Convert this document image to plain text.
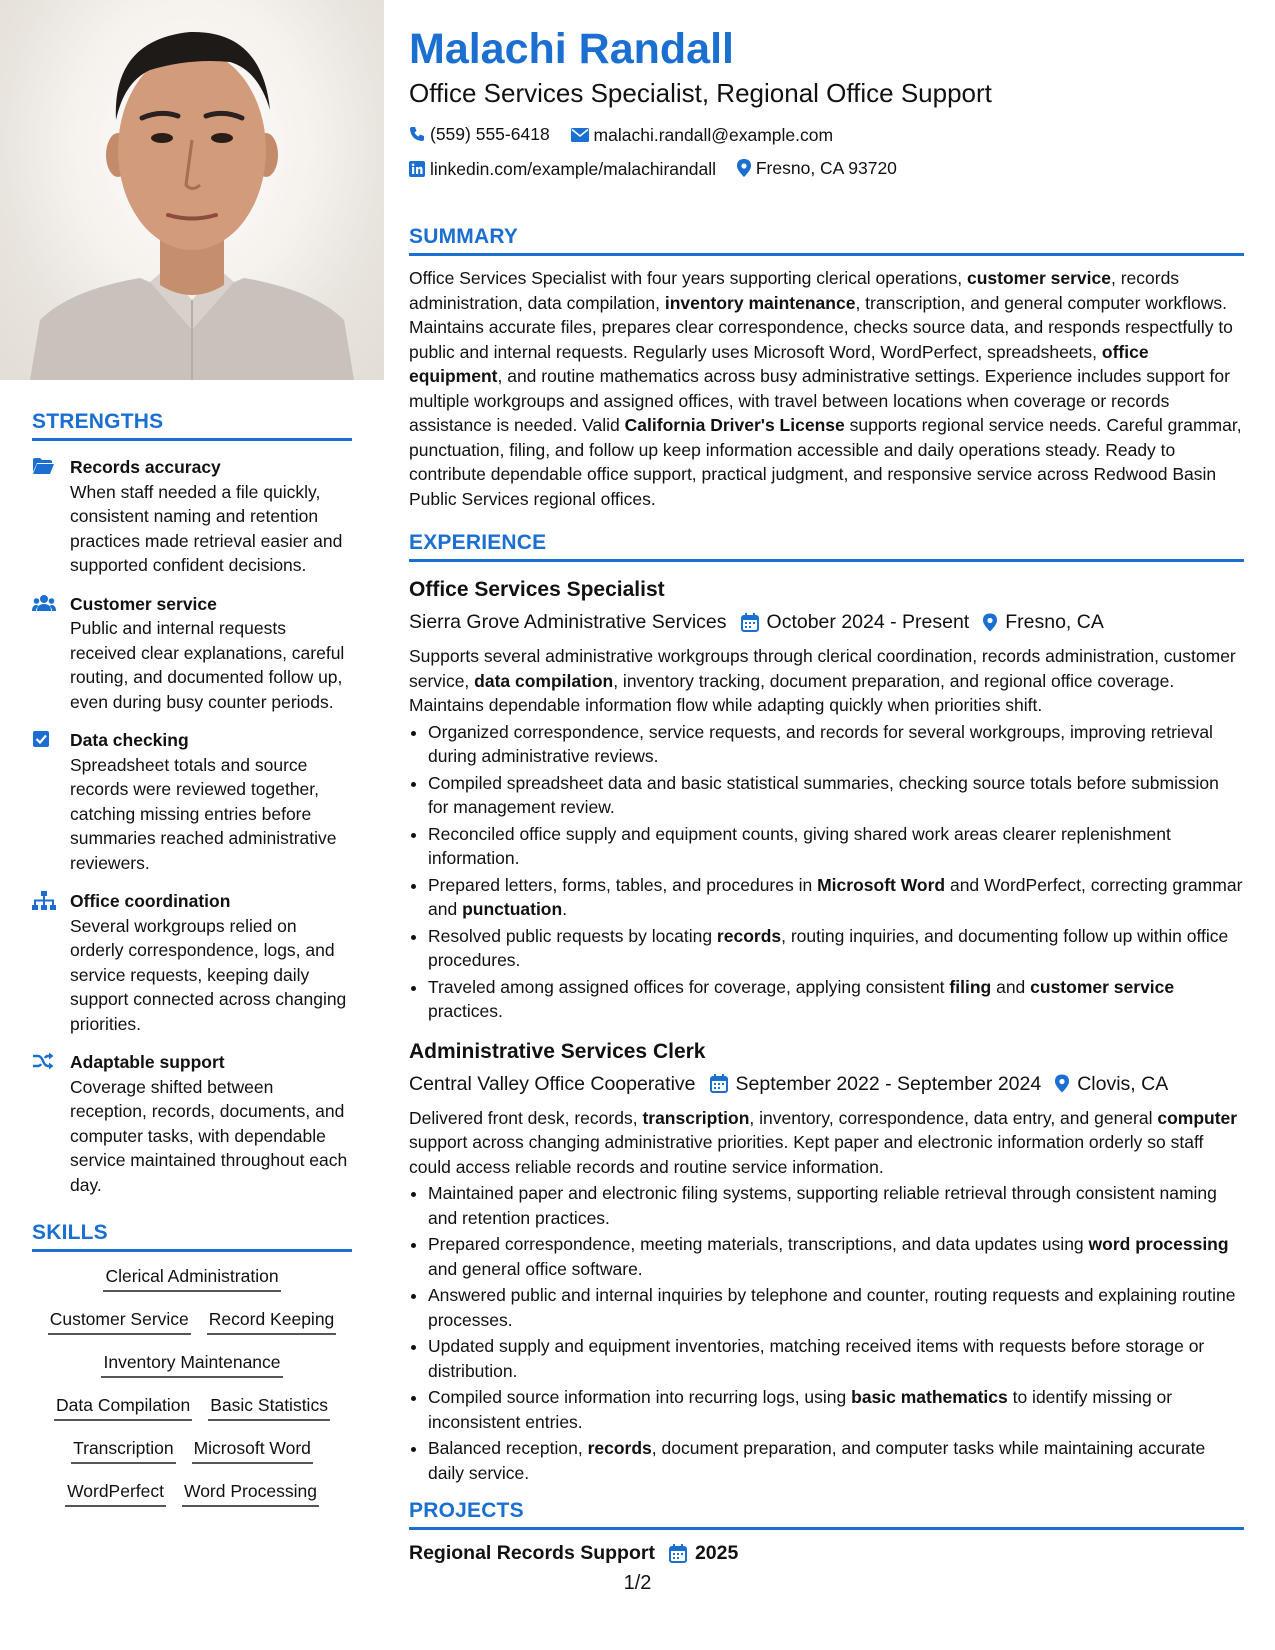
STRENGTHS
Records accuracy
When staff needed a file quickly, consistent naming and retention practices made retrieval easier and supported confident decisions.
Customer service
Public and internal requests received clear explanations, careful routing, and documented follow up, even during busy counter periods.
Data checking
Spreadsheet totals and source records were reviewed together, catching missing entries before summaries reached administrative reviewers.
Office coordination
Several workgroups relied on orderly correspondence, logs, and service requests, keeping daily support connected across changing priorities.
Adaptable support
Coverage shifted between reception, records, documents, and computer tasks, with dependable service maintained throughout each day.
SKILLS
Clerical Administration
Customer Service Record Keeping
Inventory Maintenance
Data Compilation Basic Statistics
Transcription Microsoft Word
WordPerfect Word Processing
Malachi Randall
Office Services Specialist, Regional Office Support
(559) 555-6418
	malachi.randall@example.com
linkedin.com/example/malachirandall
Fresno, CA 93720
SUMMARY

Office Services Specialist with four years supporting clerical operations, customer service, records administration, data compilation, inventory maintenance, transcription, and general computer workflows. Maintains accurate files, prepares clear correspondence, checks source data, and responds respectfully to public and internal requests. Regularly uses Microsoft Word, WordPerfect, spreadsheets, office equipment, and routine mathematics across busy administrative settings. Experience includes support for multiple workgroups and assigned offices, with travel between locations when coverage or records assistance is needed. Valid California Driver's License supports regional service needs. Careful grammar, punctuation, filing, and follow up keep information accessible and daily operations steady. Ready to contribute dependable office support, practical judgment, and responsive service across Redwood Basin Public Services regional offices.

EXPERIENCE
Office Services Specialist
Sierra Grove Administrative Services October 2024 - Present Fresno, CA

Supports several administrative workgroups through clerical coordination, records administration, customer service, data compilation, inventory tracking, document preparation, and regional office coverage. Maintains dependable information flow while adapting quickly when priorities shift.

• Organized correspondence, service requests, and records for several workgroups, improving retrieval during administrative reviews.
• Compiled spreadsheet data and basic statistical summaries, checking source totals before submission for management review.
• Reconciled office supply and equipment counts, giving shared work areas clearer replenishment information.
• Prepared letters, forms, tables, and procedures in Microsoft Word and WordPerfect, correcting grammar and punctuation.
• Resolved public requests by locating records, routing inquiries, and documenting follow up within office procedures.
• Traveled among assigned offices for coverage, applying consistent filing and customer service practices.
Administrative Services Clerk
Central Valley Office Cooperative September 2022 - September 2024 Clovis, CA

Delivered front desk, records, transcription, inventory, correspondence, data entry, and general computer support across changing administrative priorities. Kept paper and electronic information orderly so staff could access reliable records and routine service information.

• Maintained paper and electronic filing systems, supporting reliable retrieval through consistent naming and retention practices.
• Prepared correspondence, meeting materials, transcriptions, and data updates using word processing and general office software.
• Answered public and internal inquiries by telephone and counter, routing requests and explaining routine processes.
• Updated supply and equipment inventories, matching received items with requests before storage or distribution.
• Compiled source information into recurring logs, using basic mathematics to identify missing or inconsistent entries.
• Balanced reception, records, document preparation, and computer tasks while maintaining accurate daily service.
PROJECTS
Regional Records Support 2025
1/2
